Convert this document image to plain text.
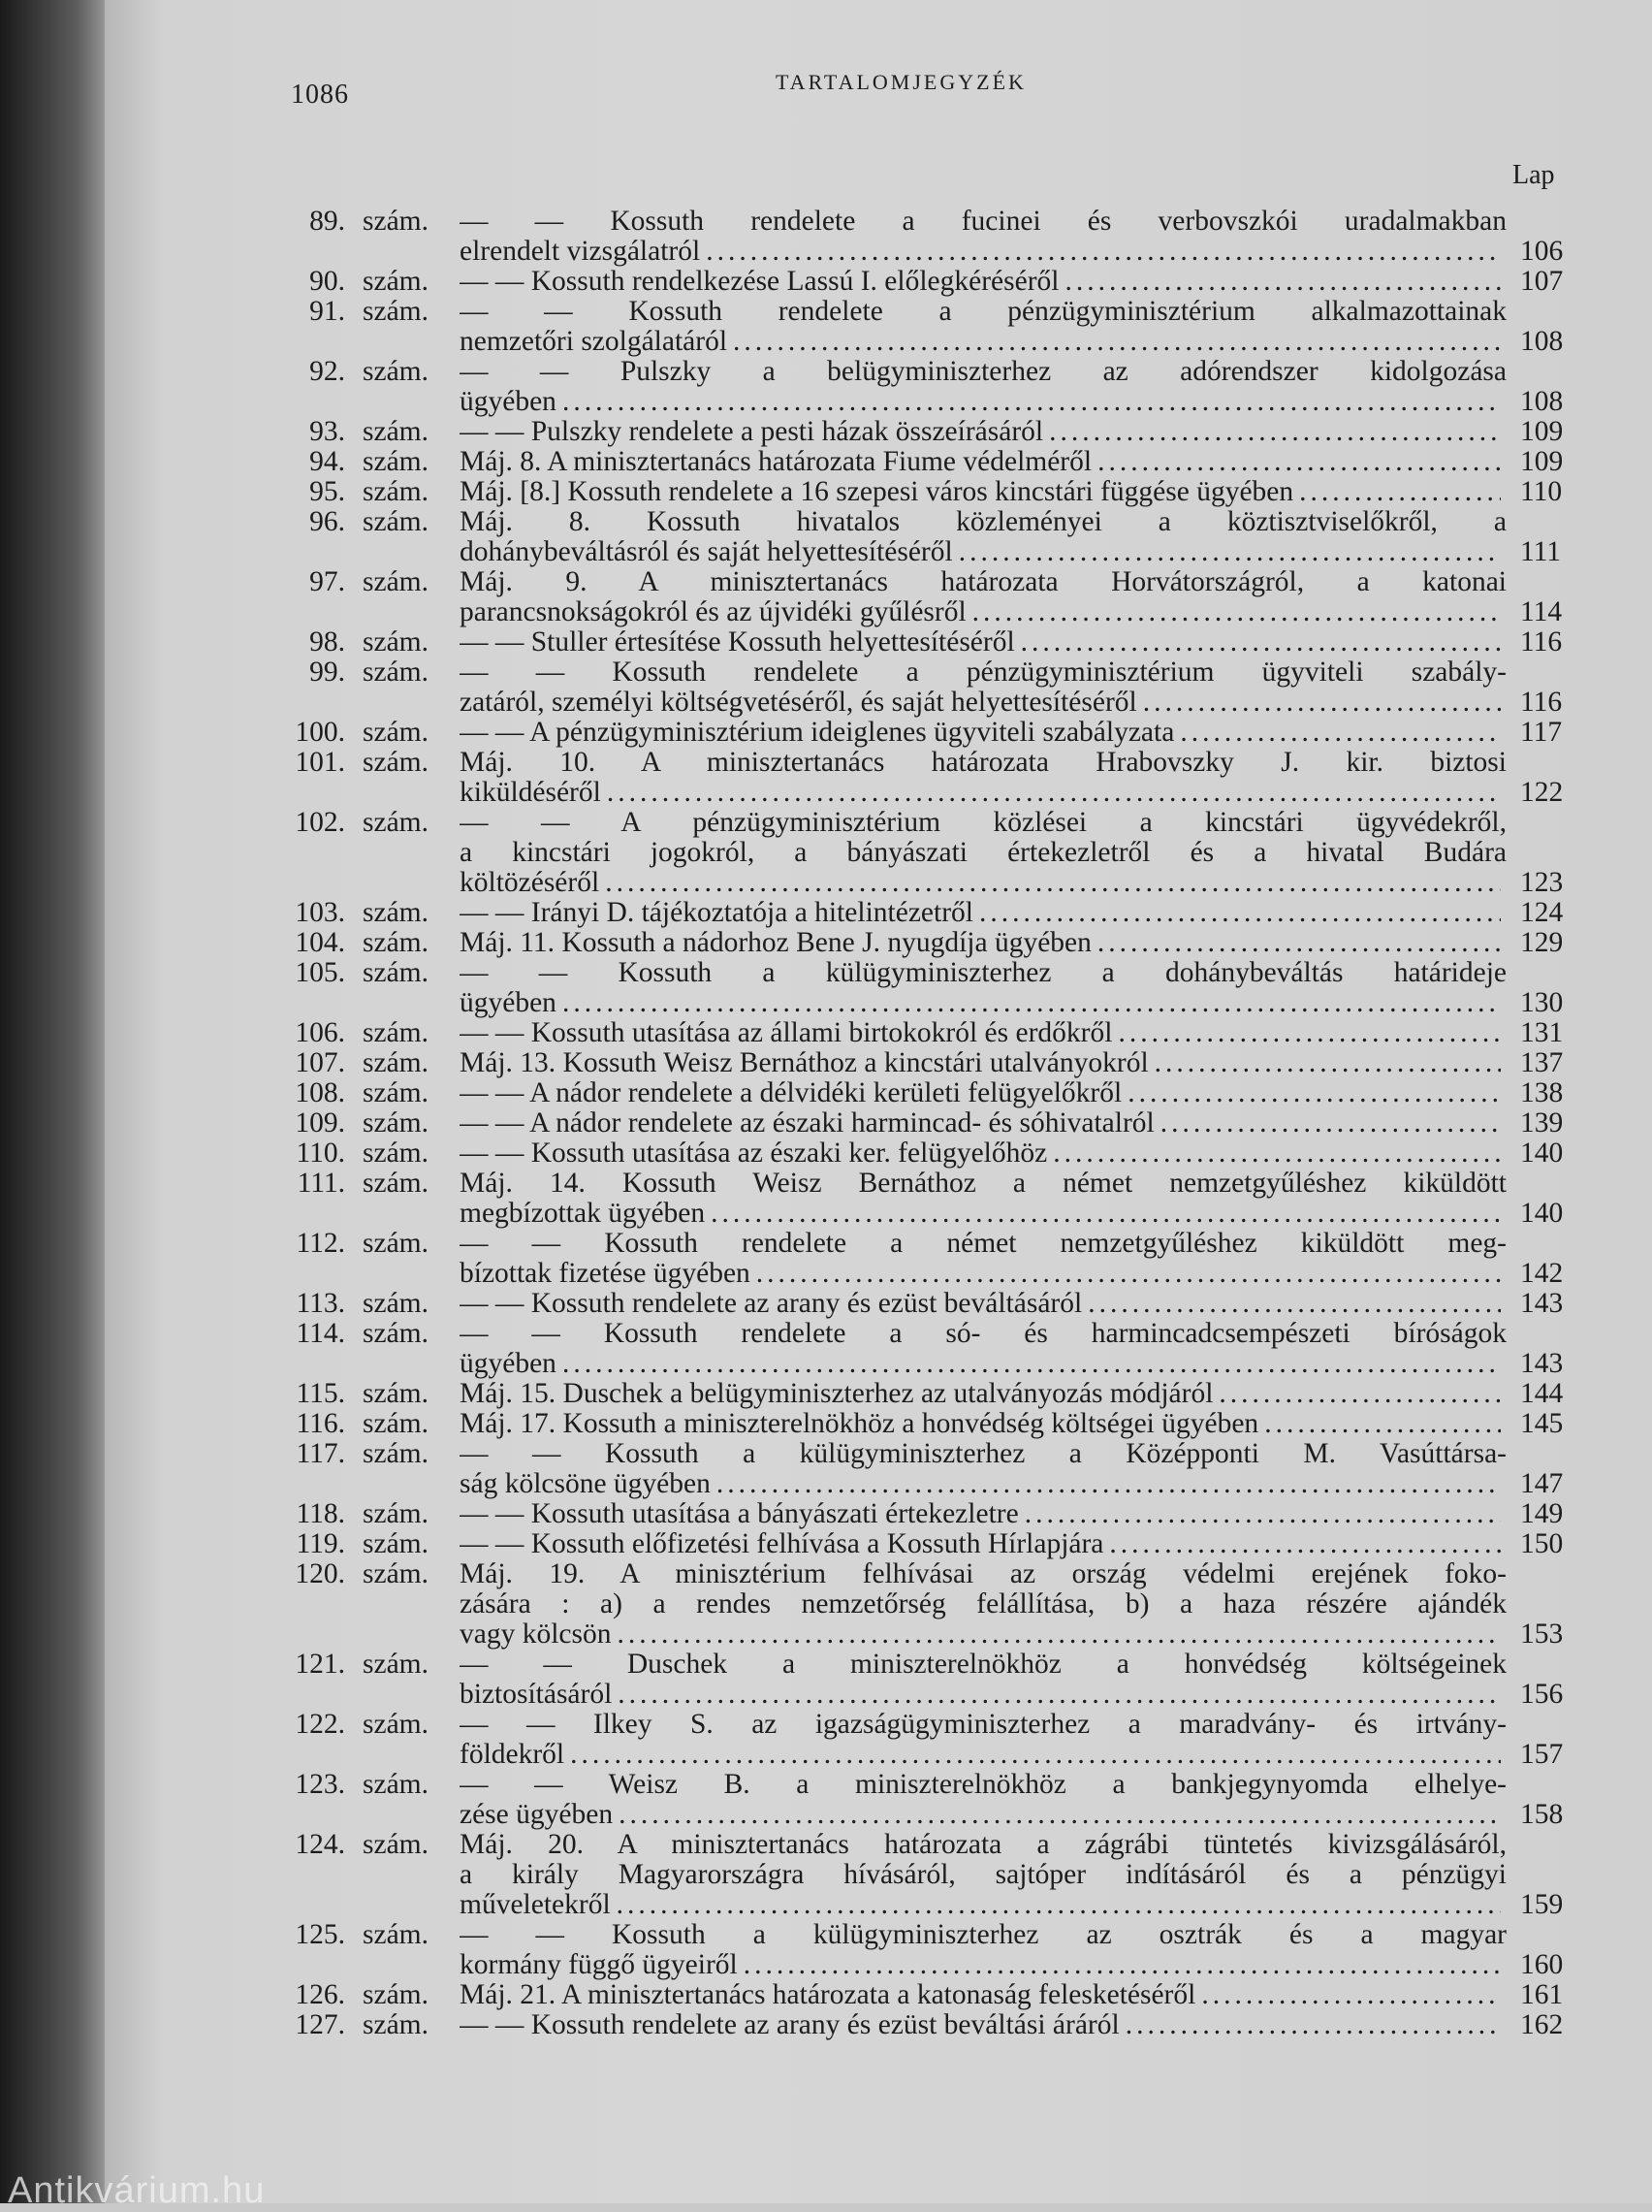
1086	TARTALOMJEGYZÉK
Lap
89. szám. — — Kossuth rendelete a fucinei és verbovszkói uradalmakban
elrendelt vizsgálatról .....	106
90. szám. — — Kossuth rendelkezése Lassú I. előlegkéréséről .....	107
91. szám. — — Kossuth rendelete a pénzügyminisztérium alkalmazottainak
nemzetőri szolgálatáról .....	108
92. szám. — — Pulszky a belügyminiszterhez az adórendszer kidolgozása
ügyében .....	108
93. szám. — — Pulszky rendelete a pesti házak összeírásáról .....	109
94. szám. Máj. 8. A minisztertanács határozata Fiume védelméről .....	109
95. szám. Máj. [8.] Kossuth rendelete a 16 szepesi város kincstári függése ügyében .....	110
96. szám. Máj. 8. Kossuth hivatalos közleményei a köztisztviselőkről, a
dohánybeváltásról és saját helyettesítéséről .....	111
97. szám. Máj. 9. A minisztertanács határozata Horvátországról, a katonai
parancsnokságokról és az újvidéki gyűlésről .....	114
98. szám. — — Stuller értesítése Kossuth helyettesítéséről .....	116
99. szám. — — Kossuth rendelete a pénzügyminisztérium ügyviteli szabály-
zatáról, személyi költségvetéséről, és saját helyettesítéséről .....	116
100. szám. — — A pénzügyminisztérium ideiglenes ügyviteli szabályzata .....	117
101. szám. Máj. 10. A minisztertanács határozata Hrabovszky J. kir. biztosi
kiküldéséről .....	122
102. szám. — — A pénzügyminisztérium közlései a kincstári ügyvédekről,
a kincstári jogokról, a bányászati értekezletről és a hivatal Budára
költözéséről .....	123
103. szám. — — Irányi D. tájékoztatója a hitelintézetről .....	124
104. szám. Máj. 11. Kossuth a nádorhoz Bene J. nyugdíja ügyében .....	129
105. szám. — — Kossuth a külügyminiszterhez a dohánybeváltás határideje
ügyében .....	130
106. szám. — — Kossuth utasítása az állami birtokokról és erdőkről .....	131
107. szám. Máj. 13. Kossuth Weisz Bernáthoz a kincstári utalványokról .....	137
108. szám. — — A nádor rendelete a délvidéki kerületi felügyelőkről .....	138
109. szám. — — A nádor rendelete az északi harmincad- és sóhivatalról .....	139
110. szám. — — Kossuth utasítása az északi ker. felügyelőhöz .....	140
111. szám. Máj. 14. Kossuth Weisz Bernáthoz a német nemzetgyűléshez kiküldött
megbízottak ügyében .....	140
112. szám. — — Kossuth rendelete a német nemzetgyűléshez kiküldött meg-
bízottak fizetése ügyében .....	142
113. szám. — — Kossuth rendelete az arany és ezüst beváltásáról .....	143
114. szám. — — Kossuth rendelete a só- és harmincadcsempészeti bíróságok
ügyében .....	143
115. szám. Máj. 15. Duschek a belügyminiszterhez az utalványozás módjáról .....	144
116. szám. Máj. 17. Kossuth a miniszterelnökhöz a honvédség költségei ügyében .....	145
117. szám. — — Kossuth a külügyminiszterhez a Középponti M. Vasúttársa-
ság kölcsöne ügyében .....	147
118. szám. — — Kossuth utasítása a bányászati értekezletre .....	149
119. szám. — — Kossuth előfizetési felhívása a Kossuth Hírlapjára .....	150
120. szám. Máj. 19. A minisztérium felhívásai az ország védelmi erejének foko-
zására : a) a rendes nemzetőrség felállítása, b) a haza részére ajándék
vagy kölcsön .....	153
121. szám. — — Duschek a miniszterelnökhöz a honvédség költségeinek
biztosításáról .....	156
122. szám. — — Ilkey S. az igazságügyminiszterhez a maradvány- és irtvány-
földekről .....	157
123. szám. — — Weisz B. a miniszterelnökhöz a bankjegynyomda elhelye-
zése ügyében .....	158
124. szám. Máj. 20. A minisztertanács határozata a zágrábi tüntetés kivizsgálásáról,
a király Magyarországra hívásáról, sajtóper indításáról és a pénzügyi
műveletekről .....	159
125. szám. — — Kossuth a külügyminiszterhez az osztrák és a magyar
kormány függő ügyeiről .....	160
126. szám. Máj. 21. A minisztertanács határozata a katonaság felesketéséről .....	161
127. szám. — — Kossuth rendelete az arany és ezüst beváltási áráról .....	162
Antikvárium.hu
